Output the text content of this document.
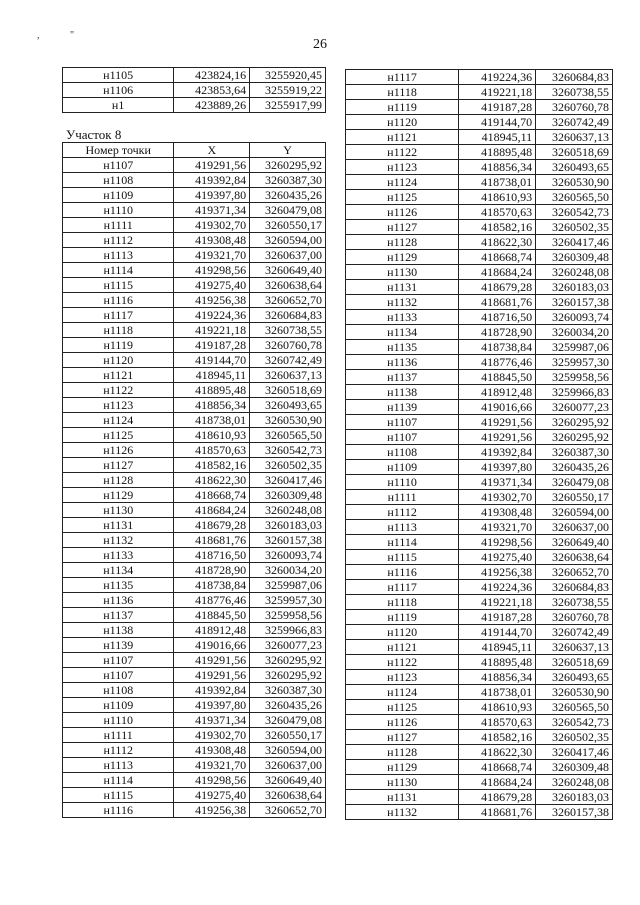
,	"
26
н1105	423824,16	3255920,45
н1106	423853,64	3255919,22
н1	423889,26	3255917,99
Участок 8
Номер точки	X	Y
н1107	419291,56	3260295,92
н1108	419392,84	3260387,30
н1109	419397,80	3260435,26
н1110	419371,34	3260479,08
н1111	419302,70	3260550,17
н1112	419308,48	3260594,00
н1113	419321,70	3260637,00
н1114	419298,56	3260649,40
н1115	419275,40	3260638,64
н1116	419256,38	3260652,70
н1117	419224,36	3260684,83
н1118	419221,18	3260738,55
н1119	419187,28	3260760,78
н1120	419144,70	3260742,49
н1121	418945,11	3260637,13
н1122	418895,48	3260518,69
н1123	418856,34	3260493,65
н1124	418738,01	3260530,90
н1125	418610,93	3260565,50
н1126	418570,63	3260542,73
н1127	418582,16	3260502,35
н1128	418622,30	3260417,46
н1129	418668,74	3260309,48
н1130	418684,24	3260248,08
н1131	418679,28	3260183,03
н1132	418681,76	3260157,38
н1133	418716,50	3260093,74
н1134	418728,90	3260034,20
н1135	418738,84	3259987,06
н1136	418776,46	3259957,30
н1137	418845,50	3259958,56
н1138	418912,48	3259966,83
н1139	419016,66	3260077,23
н1107	419291,56	3260295,92
н1107	419291,56	3260295,92
н1108	419392,84	3260387,30
н1109	419397,80	3260435,26
н1110	419371,34	3260479,08
н1111	419302,70	3260550,17
н1112	419308,48	3260594,00
н1113	419321,70	3260637,00
н1114	419298,56	3260649,40
н1115	419275,40	3260638,64
н1116	419256,38	3260652,70
н1117	419224,36	3260684,83
н1118	419221,18	3260738,55
н1119	419187,28	3260760,78
н1120	419144,70	3260742,49
н1121	418945,11	3260637,13
н1122	418895,48	3260518,69
н1123	418856,34	3260493,65
н1124	418738,01	3260530,90
н1125	418610,93	3260565,50
н1126	418570,63	3260542,73
н1127	418582,16	3260502,35
н1128	418622,30	3260417,46
н1129	418668,74	3260309,48
н1130	418684,24	3260248,08
н1131	418679,28	3260183,03
н1132	418681,76	3260157,38
н1133	418716,50	3260093,74
н1134	418728,90	3260034,20
н1135	418738,84	3259987,06
н1136	418776,46	3259957,30
н1137	418845,50	3259958,56
н1138	418912,48	3259966,83
н1139	419016,66	3260077,23
н1107	419291,56	3260295,92
н1107	419291,56	3260295,92
н1108	419392,84	3260387,30
н1109	419397,80	3260435,26
н1110	419371,34	3260479,08
н1111	419302,70	3260550,17
н1112	419308,48	3260594,00
н1113	419321,70	3260637,00
н1114	419298,56	3260649,40
н1115	419275,40	3260638,64
н1116	419256,38	3260652,70
н1117	419224,36	3260684,83
н1118	419221,18	3260738,55
н1119	419187,28	3260760,78
н1120	419144,70	3260742,49
н1121	418945,11	3260637,13
н1122	418895,48	3260518,69
н1123	418856,34	3260493,65
н1124	418738,01	3260530,90
н1125	418610,93	3260565,50
н1126	418570,63	3260542,73
н1127	418582,16	3260502,35
н1128	418622,30	3260417,46
н1129	418668,74	3260309,48
н1130	418684,24	3260248,08
н1131	418679,28	3260183,03
н1132	418681,76	3260157,38
